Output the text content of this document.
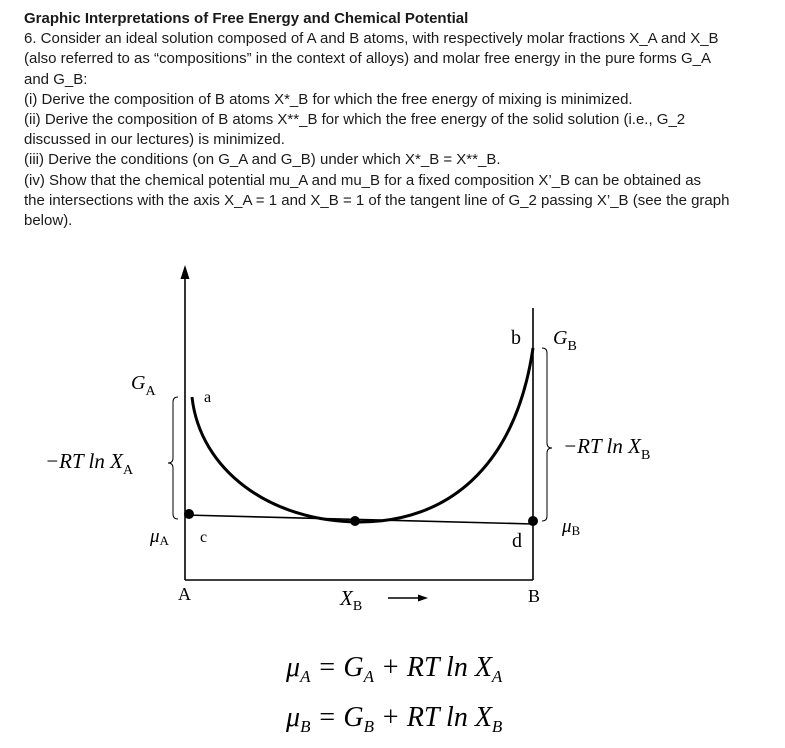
Graphic Interpretations of Free Energy and Chemical Potential

6. Consider an ideal solution composed of A and B atoms, with respectively molar fractions X_A and X_B

(also referred to as “compositions” in the context of alloys) and molar free energy in the pure forms G_A

and G_B:

(i) Derive the composition of B atoms X*_B for which the free energy of mixing is minimized.

(ii) Derive the composition of B atoms X**_B for which the free energy of the solid solution (i.e., G_2

discussed in our lectures) is minimized.

(iii) Derive the conditions (on G_A and G_B) under which X*_B = X**_B.

(iv) Show that the chemical potential mu_A and mu_B for a fixed composition X’_B can be obtained as

the intersections with the axis X_A = 1 and X_B = 1 of the tangent line of G_2 passing X’_B (see the graph

below).

$G_A$	a
b $G_B$
−RT $\ln X_A$
−RT $\ln X_B$
μA c	d
μB
A	B
$X_B$
$\mu_A = G_A$ + RT $\ln X_A$
$\mu_B = G_B$ + RT $\ln X_B$
